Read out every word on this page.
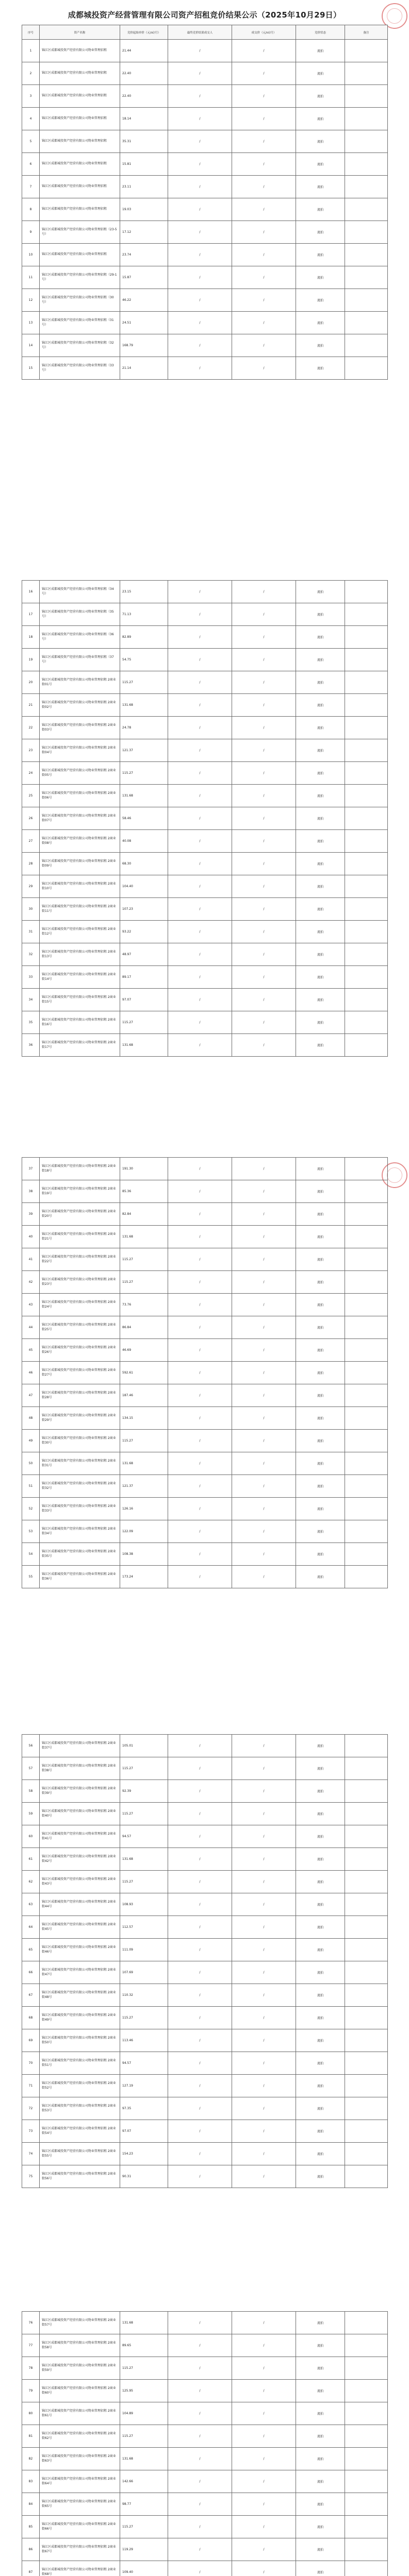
成都城投资产经营管理有限公司资产招租竞价结果公示（2025年10月29日）
序号	资产名称	竞价起始单价（元/㎡/月）	最终竞价结果成交人	成交价（元/㎡/月）	竞价状态	备注
1	锦江区成都城投资产经营有限公司物业管理招租	21.44	/	/	流拍	
2	锦江区成都城投资产经营有限公司物业管理招租	22.40	/	/	流拍	
3	锦江区成都城投资产经营有限公司物业管理招租	22.40	/	/	流拍	
4	锦江区成都城投资产经营有限公司物业管理招租	18.14	/	/	流拍	
5	锦江区成都城投资产经营有限公司物业管理招租	35.31	/	/	流拍	
6	锦江区成都城投资产经营有限公司物业管理招租	15.81	/	/	流拍	
7	锦江区成都城投资产经营有限公司物业管理招租	23.11	/	/	流拍	
8	锦江区成都城投资产经营有限公司物业管理招租	19.03	/	/	流拍	
9	锦江区成都城投资产经营有限公司物业管理招租（23-5号）	17.12	/	/	流拍	
10	锦江区成都城投资产经营有限公司物业管理招租	23.74	/	/	流拍	
11	锦江区成都城投资产经营有限公司物业管理招租（29-1号）	15.87	/	/	流拍	
12	锦江区成都城投资产经营有限公司物业管理招租（30号）	46.22	/	/	流拍	
13	锦江区成都城投资产经营有限公司物业管理招租（31号）	24.51	/	/	流拍	
14	锦江区成都城投资产经营有限公司物业管理招租（32号）	168.79	/	/	流拍	
15	锦江区成都城投资产经营有限公司物业管理招租（33号）	21.14	/	/	流拍	
16	锦江区成都城投资产经营有限公司物业管理招租（34号）	23.15	/	/	流拍	
17	锦江区成都城投资产经营有限公司物业管理招租（35号）	71.13	/	/	流拍	
18	锦江区成都城投资产经营有限公司物业管理招租（36号）	82.89	/	/	流拍	
19	锦江区成都城投资产经营有限公司物业管理招租（37号）	54.75	/	/	流拍	
20	锦江区成都城投资产经营有限公司物业管理招租 2商业街01号	115.27	/	/	流拍	
21	锦江区成都城投资产经营有限公司物业管理招租 2商业街02号	131.68	/	/	流拍	
22	锦江区成都城投资产经营有限公司物业管理招租 2商业街03号	24.78	/	/	流拍	
23	锦江区成都城投资产经营有限公司物业管理招租 2商业街04号	121.37	/	/	流拍	
24	锦江区成都城投资产经营有限公司物业管理招租 2商业街05号	115.27	/	/	流拍	
25	锦江区成都城投资产经营有限公司物业管理招租 2商业街06号	131.68	/	/	流拍	
26	锦江区成都城投资产经营有限公司物业管理招租 2商业街07号	58.46	/	/	流拍	
27	锦江区成都城投资产经营有限公司物业管理招租 2商业街08号	40.08	/	/	流拍	
28	锦江区成都城投资产经营有限公司物业管理招租 2商业街09号	68.30	/	/	流拍	
29	锦江区成都城投资产经营有限公司物业管理招租 2商业街10号	104.40	/	/	流拍	
30	锦江区成都城投资产经营有限公司物业管理招租 2商业街11号	107.23	/	/	流拍	
31	锦江区成都城投资产经营有限公司物业管理招租 2商业街12号	93.22	/	/	流拍	
32	锦江区成都城投资产经营有限公司物业管理招租 2商业街13号	48.97	/	/	流拍	
33	锦江区成都城投资产经营有限公司物业管理招租 2商业街14号	89.17	/	/	流拍	
34	锦江区成都城投资产经营有限公司物业管理招租 2商业街15号	97.07	/	/	流拍	
35	锦江区成都城投资产经营有限公司物业管理招租 2商业街16号	115.27	/	/	流拍	
36	锦江区成都城投资产经营有限公司物业管理招租 2商业街17号	131.68	/	/	流拍	
37	锦江区成都城投资产经营有限公司物业管理招租 2商业街18号	191.30	/	/	流拍	
38	锦江区成都城投资产经营有限公司物业管理招租 2商业街19号	85.36	/	/	流拍	
39	锦江区成都城投资产经营有限公司物业管理招租 2商业街20号	82.84	/	/	流拍	
40	锦江区成都城投资产经营有限公司物业管理招租 2商业街21号	131.68	/	/	流拍	
41	锦江区成都城投资产经营有限公司物业管理招租 2商业街22号	115.27	/	/	流拍	
42	锦江区成都城投资产经营有限公司物业管理招租 2商业街23号	115.27	/	/	流拍	
43	锦江区成都城投资产经营有限公司物业管理招租 2商业街24号	73.76	/	/	流拍	
44	锦江区成都城投资产经营有限公司物业管理招租 2商业街25号	86.84	/	/	流拍	
45	锦江区成都城投资产经营有限公司物业管理招租 2商业街26号	46.69	/	/	流拍	
46	锦江区成都城投资产经营有限公司物业管理招租 2商业街27号	592.61	/	/	流拍	
47	锦江区成都城投资产经营有限公司物业管理招租 2商业街28号	187.46	/	/	流拍	
48	锦江区成都城投资产经营有限公司物业管理招租 2商业街29号	134.15	/	/	流拍	
49	锦江区成都城投资产经营有限公司物业管理招租 2商业街30号	115.27	/	/	流拍	
50	锦江区成都城投资产经营有限公司物业管理招租 2商业街31号	131.68	/	/	流拍	
51	锦江区成都城投资产经营有限公司物业管理招租 2商业街32号	121.37	/	/	流拍	
52	锦江区成都城投资产经营有限公司物业管理招租 2商业街33号	126.16	/	/	流拍	
53	锦江区成都城投资产经营有限公司物业管理招租 2商业街34号	122.09	/	/	流拍	
54	锦江区成都城投资产经营有限公司物业管理招租 2商业街35号	108.38	/	/	流拍	
55	锦江区成都城投资产经营有限公司物业管理招租 2商业街36号	173.24	/	/	流拍	
56	锦江区成都城投资产经营有限公司物业管理招租 2商业街37号	105.01	/	/	流拍	
57	锦江区成都城投资产经营有限公司物业管理招租 2商业街38号	115.27	/	/	流拍	
58	锦江区成都城投资产经营有限公司物业管理招租 2商业街39号	92.39	/	/	流拍	
59	锦江区成都城投资产经营有限公司物业管理招租 2商业街40号	115.27	/	/	流拍	
60	锦江区成都城投资产经营有限公司物业管理招租 2商业街41号	94.57	/	/	流拍	
61	锦江区成都城投资产经营有限公司物业管理招租 2商业街42号	131.68	/	/	流拍	
62	锦江区成都城投资产经营有限公司物业管理招租 2商业街43号	115.27	/	/	流拍	
63	锦江区成都城投资产经营有限公司物业管理招租 2商业街44号	108.93	/	/	流拍	
64	锦江区成都城投资产经营有限公司物业管理招租 2商业街45号	112.57	/	/	流拍	
65	锦江区成都城投资产经营有限公司物业管理招租 2商业街46号	111.09	/	/	流拍	
66	锦江区成都城投资产经营有限公司物业管理招租 2商业街47号	107.69	/	/	流拍	
67	锦江区成都城投资产经营有限公司物业管理招租 2商业街48号	110.32	/	/	流拍	
68	锦江区成都城投资产经营有限公司物业管理招租 2商业街49号	115.27	/	/	流拍	
69	锦江区成都城投资产经营有限公司物业管理招租 2商业街50号	113.46	/	/	流拍	
70	锦江区成都城投资产经营有限公司物业管理招租 2商业街51号	94.57	/	/	流拍	
71	锦江区成都城投资产经营有限公司物业管理招租 2商业街52号	127.19	/	/	流拍	
72	锦江区成都城投资产经营有限公司物业管理招租 2商业街53号	97.35	/	/	流拍	
73	锦江区成都城投资产经营有限公司物业管理招租 2商业街54号	97.07	/	/	流拍	
74	锦江区成都城投资产经营有限公司物业管理招租 2商业街55号	154.23	/	/	流拍	
75	锦江区成都城投资产经营有限公司物业管理招租 2商业街56号	90.31	/	/	流拍	
76	锦江区成都城投资产经营有限公司物业管理招租 2商业街57号	131.68	/	/	流拍	
77	锦江区成都城投资产经营有限公司物业管理招租 2商业街58号	89.65	/	/	流拍	
78	锦江区成都城投资产经营有限公司物业管理招租 2商业街59号	115.27	/	/	流拍	
79	锦江区成都城投资产经营有限公司物业管理招租 2商业街60号	125.95	/	/	流拍	
80	锦江区成都城投资产经营有限公司物业管理招租 2商业街61号	104.89	/	/	流拍	
81	锦江区成都城投资产经营有限公司物业管理招租 2商业街62号	115.27	/	/	流拍	
82	锦江区成都城投资产经营有限公司物业管理招租 2商业街63号	131.68	/	/	流拍	
83	锦江区成都城投资产经营有限公司物业管理招租 2商业街64号	142.66	/	/	流拍	
84	锦江区成都城投资产经营有限公司物业管理招租 2商业街65号	98.77	/	/	流拍	
85	锦江区成都城投资产经营有限公司物业管理招租 2商业街66号	115.27	/	/	流拍	
86	锦江区成都城投资产经营有限公司物业管理招租 2商业街67号	119.29	/	/	流拍	
87	锦江区成都城投资产经营有限公司物业管理招租 2商业街68号	109.40	/	/	流拍	
